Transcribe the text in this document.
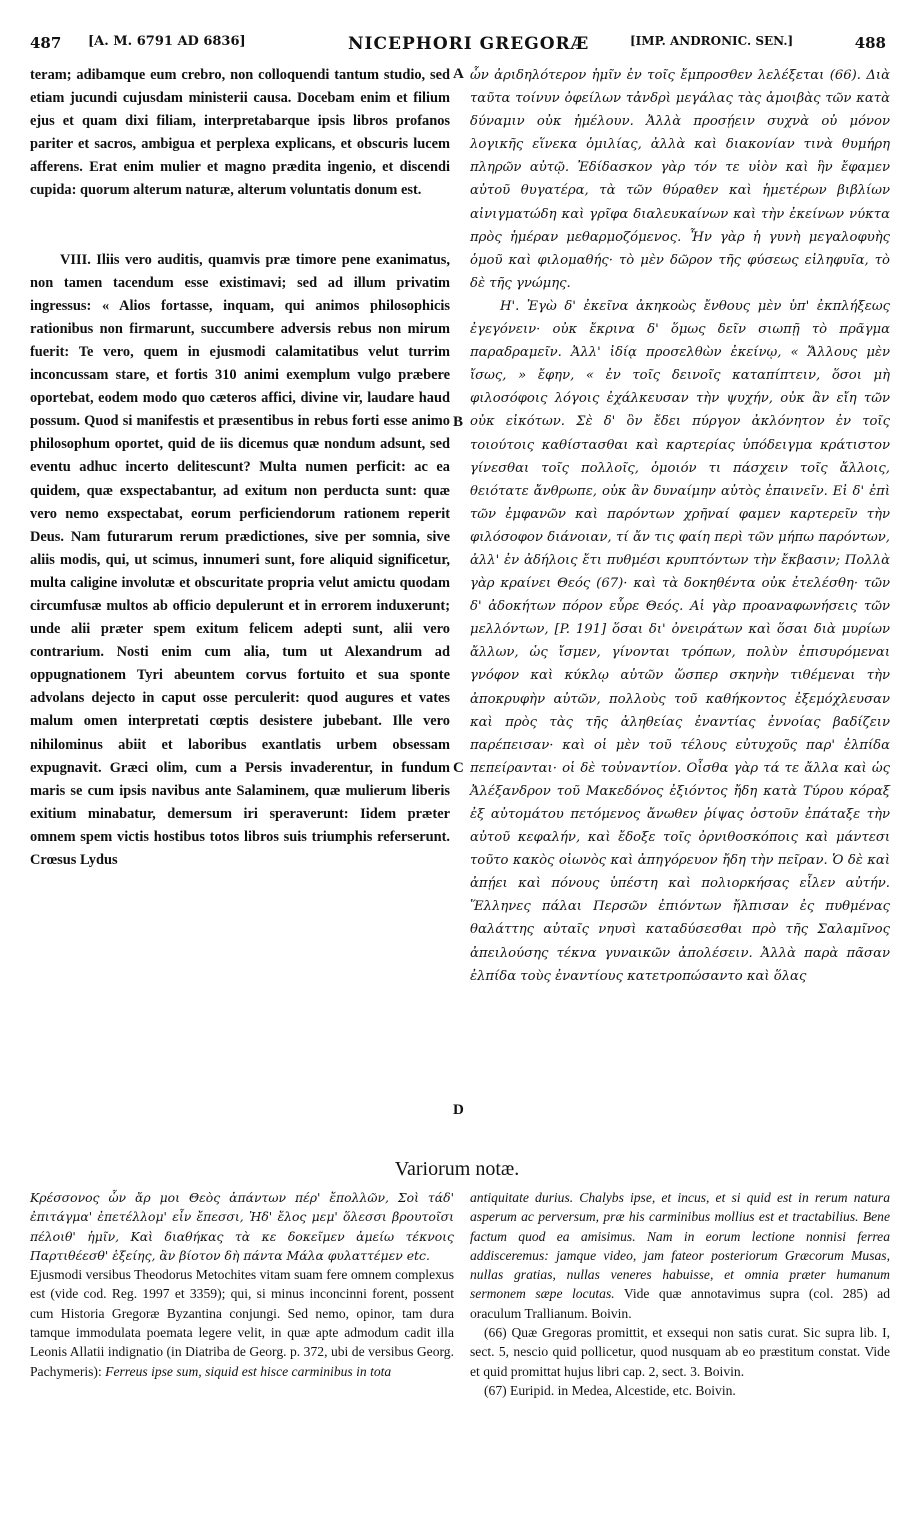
487 [A. M. 6791 AD 6836]	NICEPHORI GREGORÆ	[IMP. ANDRONIC. SEN.]	488

teram; adibamque eum crebro, non colloquendi tantum studio, sed etiam jucundi cujusdam ministerii causa. Docebam enim et filium ejus et quam dixi filiam, interpretabarque ipsis libros profanos pariter et sacros, ambigua et perplexa explicans, et obscuris lucem afferens. Erat enim mulier et magno prædita ingenio, et discendi cupida: quorum alterum naturæ, alterum voluntatis donum est.

VIII. Iliis vero auditis, quamvis præ timore pene exanimatus, non tamen tacendum esse existimavi; sed ad illum privatim ingressus: « Alios fortasse, inquam, qui animos philosophicis rationibus non firmarunt, succumbere adversis rebus non mirum fuerit: Te vero, quem in ejusmodi calamitatibus velut turrim inconcussam stare, et fortis 310 animi exemplum vulgo præbere oportebat, eodem modo quo cæteros affici, divine vir, laudare haud possum. Quod si manifestis et præsentibus in rebus forti esse animo philosophum oportet, quid de iis dicemus quæ nondum adsunt, sed eventu adhuc incerto delitescunt? Multa numen perficit: ac ea quidem, quæ exspectabantur, ad exitum non perducta sunt: quæ vero nemo exspectabat, eorum perficiendorum rationem reperit Deus. Nam futurarum rerum prædictiones, sive per somnia, sive aliis modis, qui, ut scimus, innumeri sunt, fore aliquid significetur, multa caligine involutæ et obscuritate propria velut amictu quodam circumfusæ multos ab officio depulerunt et in errorem induxerunt; unde alii præter spem exitum felicem adepti sunt, alii vero contrarium. Nosti enim cum alia, tum ut Alexandrum ad oppugnationem Tyri abeuntem corvus fortuito et sua sponte advolans dejecto in caput osse perculerit: quod augures et vates malum omen interpretati cœptis desistere jubebant. Ille vero nihilominus abiit et laboribus exantlatis urbem obsessam expugnavit. Græci olim, cum a Persis invaderentur, in fundum maris se cum ipsis navibus ante Salaminem, quæ mulierum liberis exitium minabatur, demersum iri speraverunt: Iidem præter omnem spem victis hostibus totos libros suis triumphis referserunt. Crœsus Lydus

ὧν ἀριδηλότερον ἡμῖν ἐν τοῖς ἔμπροσθεν λελέξεται (66). Διὰ ταῦτα τοίνυν ὀφείλων τἀνδρὶ μεγάλας τὰς ἀμοιβὰς τῶν κατὰ δύναμιν οὐκ ἠμέλουν. Ἀλλὰ προσῄειν συχνὰ οὐ μόνον λογικῆς εἵνεκα ὁμιλίας, ἀλλὰ καὶ διακονίαν τινὰ θυμήρη πληρῶν αὐτῷ. Ἐδίδασκον γὰρ τόν τε υἱὸν καὶ ἣν ἔφαμεν αὐτοῦ θυγατέρα, τὰ τῶν θύραθεν καὶ ἡμετέρων βιβλίων αἰνιγματώδη καὶ γρῖφα διαλευκαίνων καὶ τὴν ἐκείνων νύκτα πρὸς ἡμέραν μεθαρμοζόμενος. Ἦν γὰρ ἡ γυνὴ μεγαλοφυὴς ὁμοῦ καὶ φιλομαθής· τὸ μὲν δῶρον τῆς φύσεως εἰληφυῖα, τὸ δὲ τῆς γνώμης.

Η'. Ἐγὼ δ' ἐκεῖνα ἀκηκοὼς ἔνθους μὲν ὑπ' ἐκπλήξεως ἐγεγόνειν· οὐκ ἔκρινα δ' ὅμως δεῖν σιωπῇ τὸ πρᾶγμα παραδραμεῖν. Ἀλλ' ἰδίᾳ προσελθὼν ἐκείνῳ, « Ἄλλους μὲν ἴσως, » ἔφην, « ἐν τοῖς δεινοῖς καταπίπτειν, ὅσοι μὴ φιλοσόφοις λόγοις ἐχάλκευσαν τὴν ψυχήν, οὐκ ἂν εἴη τῶν οὐκ εἰκότων. Σὲ δ' ὃν ἔδει πύργον ἀκλόνητον ἐν τοῖς τοιούτοις καθίστασθαι καὶ καρτερίας ὑπόδειγμα κράτιστον γίνεσθαι τοῖς πολλοῖς, ὁμοιόν τι πάσχειν τοῖς ἄλλοις, θειότατε ἄνθρωπε, οὐκ ἂν δυναίμην αὐτὸς ἐπαινεῖν. Εἰ δ' ἐπὶ τῶν ἐμφανῶν καὶ παρόντων χρῆναί φαμεν καρτερεῖν τὴν φιλόσοφον διάνοιαν, τί ἄν τις φαίη περὶ τῶν μήπω παρόντων, ἀλλ' ἐν ἀδήλοις ἔτι πυθμέσι κρυπτόντων τὴν ἔκβασιν; Πολλὰ γὰρ κραίνει Θεός (67)· καὶ τὰ δοκηθέντα οὐκ ἐτελέσθη· τῶν δ' ἀδοκήτων πόρον εὗρε Θεός. Αἱ γὰρ προαναφωνήσεις τῶν μελλόντων, [P. 191] ὅσαι δι' ὀνειράτων καὶ ὅσαι διὰ μυρίων ἄλλων, ὡς ἴσμεν, γίνονται τρόπων, πολὺν ἐπισυρόμεναι γνόφον καὶ κύκλῳ αὐτῶν ὥσπερ σκηνὴν τιθέμεναι τὴν ἀποκρυφὴν αὐτῶν, πολλοὺς τοῦ καθήκοντος ἐξεμόχλευσαν καὶ πρὸς τὰς τῆς ἀληθείας ἐναντίας ἐννοίας βαδίζειν παρέπεισαν· καὶ οἱ μὲν τοῦ τέλους εὐτυχοῦς παρ' ἐλπίδα πεπείρανται· οἱ δὲ τοὐναντίον. Οἶσθα γὰρ τά τε ἄλλα καὶ ὡς Ἀλέξανδρον τοῦ Μακεδόνος ἐξιόντος ἤδη κατὰ Τύρου κόραξ ἐξ αὐτομάτου πετόμενος ἄνωθεν ῥίψας ὀστοῦν ἐπάταξε τὴν αὐτοῦ κεφαλήν, καὶ ἔδοξε τοῖς ὀρνιθοσκόποις καὶ μάντεσι τοῦτο κακὸς οἰωνὸς καὶ ἀπηγόρευον ἤδη τὴν πεῖραν. Ὁ δὲ καὶ ἀπῄει καὶ πόνους ὑπέστη καὶ πολιορκήσας εἷλεν αὐτήν. Ἕλληνες πάλαι Περσῶν ἐπιόντων ἤλπισαν ἐς πυθμένας θαλάττης αὐταῖς νηυσὶ καταδύσεσθαι πρὸ τῆς Σαλαμῖνος ἀπειλούσης τέκνα γυναικῶν ἀπολέσειν. Ἀλλὰ παρὰ πᾶσαν ἐλπίδα τοὺς ἐναντίους κατετροπώσαντο καὶ ὅλας

A
B
C
D
Variorum notæ.

Κρέσσονος ὧν ἄρ μοι Θεὸς ἀπάντων πέρ' ἔπολλῶν, Σοὶ τάδ' ἐπιτάγμα' ἐπετέλλομ' εἶν ἔπεσσι, Ἠδ' ἔλος μεμ' ὅλεσσι βρουτοῖσι πέλοιθ' ἡμῖν, Καὶ διαθήκας τὰ κε δοκεῖμεν ἀμείω τέκνοις Παρτιθέεσθ' ἑξείης, ἂν βίοτον δὴ πάντα Μάλα φυλαττέμεν etc.

Ejusmodi versibus Theodorus Metochites vitam suam fere omnem complexus est (vide cod. Reg. 1997 et 3359); qui, si minus inconcinni forent, possent cum Historia Gregoræ Byzantina conjungi. Sed nemo, opinor, tam dura tamque immodulata poemata legere velit, in quæ apte admodum cadit illa Leonis Allatii indignatio (in Diatriba de Georg. p. 372, ubi de versibus Georg. Pachymeris): Ferreus ipse sum, siquid est hisce carminibus in tota

antiquitate durius. Chalybs ipse, et incus, et si quid est in rerum natura asperum ac perversum, præ his carminibus mollius est et tractabilius. Bene factum quod ea amisimus. Nam in eorum lectione nonnisi ferrea addisceremus: jamque video, jam fateor posteriorum Græcorum Musas, nullas gratias, nullas veneres habuisse, et omnia præter humanum sermonem sæpe locutas. Vide quæ annotavimus supra (col. 285) ad oraculum Trallianum. Boivin.

(66) Quæ Gregoras promittit, et exsequi non satis curat. Sic supra lib. I, sect. 5, nescio quid pollicetur, quod nusquam ab eo præstitum constat. Vide et quid promittat hujus libri cap. 2, sect. 3. Boivin.

(67) Euripid. in Medea, Alcestide, etc. Boivin.
